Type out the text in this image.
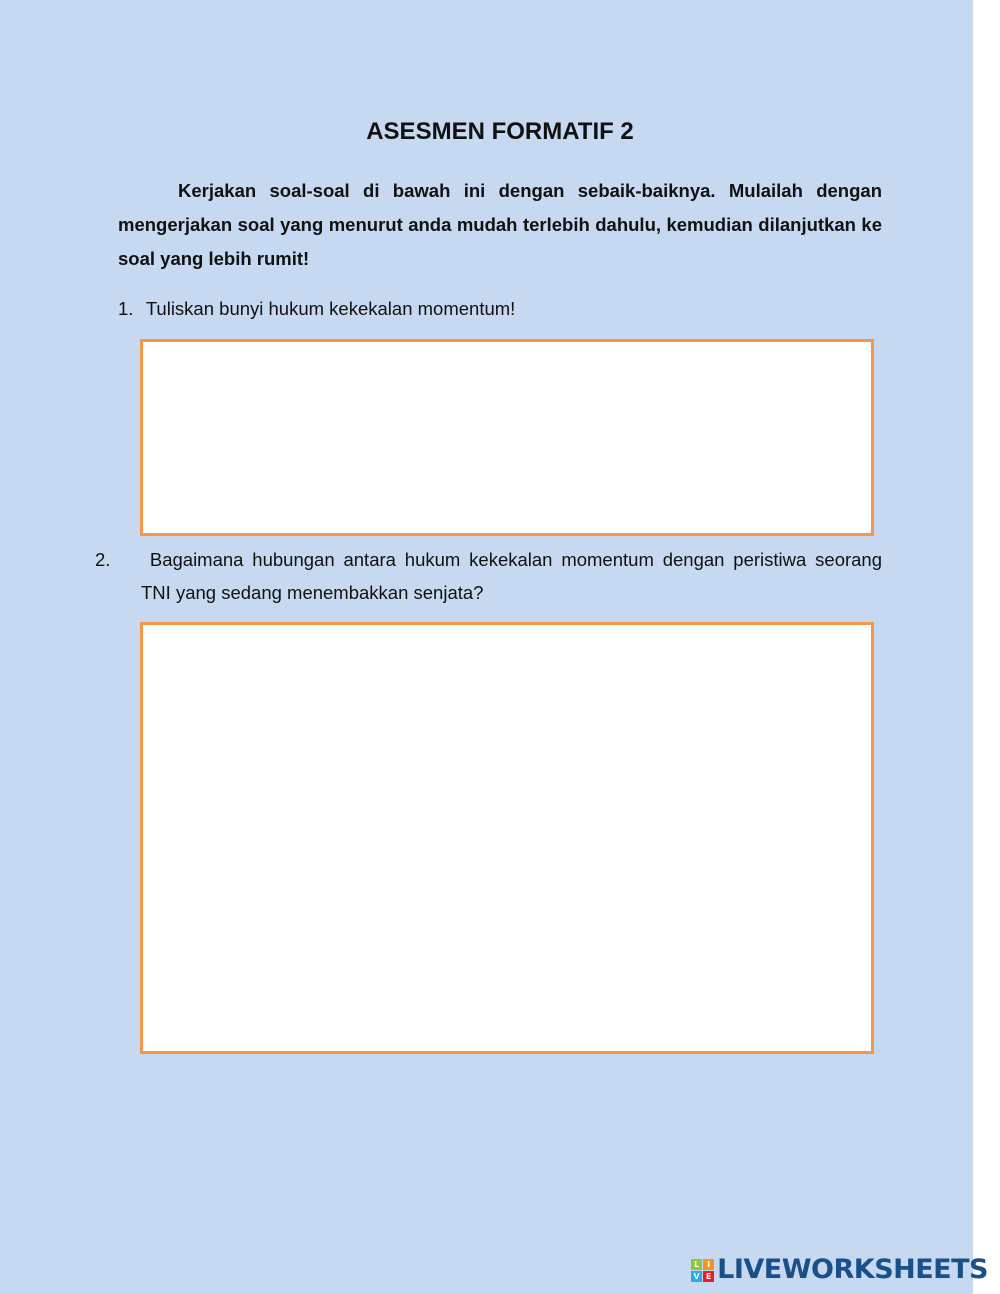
ASESMEN FORMATIF 2

Kerjakan soal-soal di bawah ini dengan sebaik-baiknya. Mulailah dengan mengerjakan soal yang menurut anda mudah terlebih dahulu, kemudian dilanjutkan ke soal yang lebih rumit!

1. Tuliskan bunyi hukum kekekalan momentum!

2. Bagaimana hubungan antara hukum kekekalan momentum dengan peristiwa seorang TNI yang sedang menembakkan senjata?

L I
V E LIVEWORKSHEETS
